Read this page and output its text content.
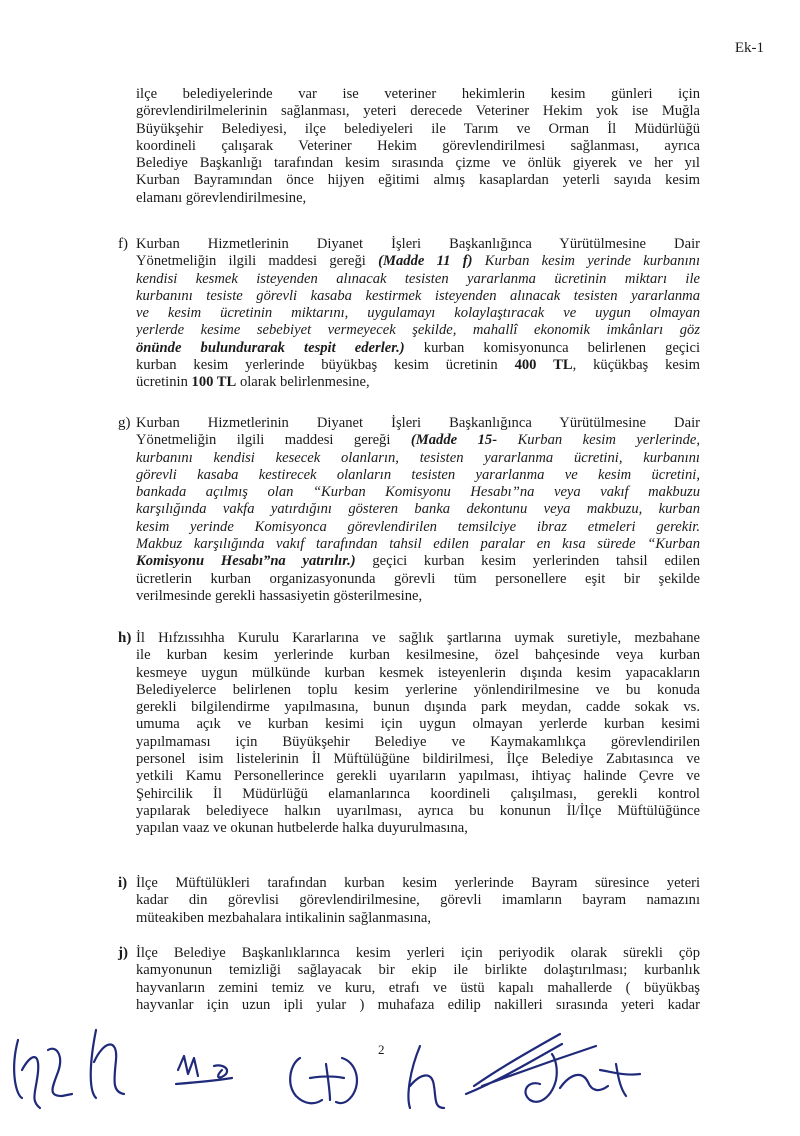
Ek-1
ilçe belediyelerinde var ise veteriner hekimlerin kesim günleri için
görevlendirilmelerinin sağlanması, yeteri derecede Veteriner Hekim yok ise Muğla
Büyükşehir Belediyesi, ilçe belediyeleri ile Tarım ve Orman İl Müdürlüğü
koordineli çalışarak Veteriner Hekim görevlendirilmesi sağlanması, ayrıca
Belediye Başkanlığı tarafından kesim sırasında çizme ve önlük giyerek ve her yıl
Kurban Bayramından önce hijyen eğitimi almış kasaplardan yeterli sayıda kesim
elamanı görevlendirilmesine,
f) Kurban Hizmetlerinin Diyanet İşleri Başkanlığınca Yürütülmesine Dair
Yönetmeliğin ilgili maddesi gereği (Madde 11 f) Kurban kesim yerinde kurbanını
kendisi kesmek isteyenden alınacak tesisten yararlanma ücretinin miktarı ile
kurbanını tesiste görevli kasaba kestirmek isteyenden alınacak tesisten yararlanma
ve kesim ücretinin miktarını, uygulamayı kolaylaştıracak ve uygun olmayan
yerlerde kesime sebebiyet vermeyecek şekilde, mahallî ekonomik imkânları göz
önünde bulundurarak tespit ederler.) kurban komisyonunca belirlenen geçici
kurban kesim yerlerinde büyükbaş kesim ücretinin 400 TL, küçükbaş kesim
ücretinin 100 TL olarak belirlenmesine,
g) Kurban Hizmetlerinin Diyanet İşleri Başkanlığınca Yürütülmesine Dair
Yönetmeliğin ilgili maddesi gereği (Madde 15- Kurban kesim yerlerinde,
kurbanını kendisi kesecek olanların, tesisten yararlanma ücretini, kurbanını
görevli kasaba kestirecek olanların tesisten yararlanma ve kesim ücretini,
bankada açılmış olan “Kurban Komisyonu Hesabı”na veya vakıf makbuzu
karşılığında vakfa yatırdığını gösteren banka dekontunu veya makbuzu, kurban
kesim yerinde Komisyonca görevlendirilen temsilciye ibraz etmeleri gerekir.
Makbuz karşılığında vakıf tarafından tahsil edilen paralar en kısa sürede “Kurban
Komisyonu Hesabı”na yatırılır.) geçici kurban kesim yerlerinden tahsil edilen
ücretlerin kurban organizasyonunda görevli tüm personellere eşit bir şekilde
verilmesinde gerekli hassasiyetin gösterilmesine,
h) İl Hıfzıssıhha Kurulu Kararlarına ve sağlık şartlarına uymak suretiyle, mezbahane
ile kurban kesim yerlerinde kurban kesilmesine, özel bahçesinde veya kurban
kesmeye uygun mülkünde kurban kesmek isteyenlerin dışında kesim yapacakların
Belediyelerce belirlenen toplu kesim yerlerine yönlendirilmesine ve bu konuda
gerekli bilgilendirme yapılmasına, bunun dışında park meydan, cadde sokak vs.
umuma açık ve kurban kesimi için uygun olmayan yerlerde kurban kesimi
yapılmaması için Büyükşehir Belediye ve Kaymakamlıkça görevlendirilen
personel isim listelerinin İl Müftülüğüne bildirilmesi, İlçe Belediye Zabıtasınca ve
yetkili Kamu Personellerince gerekli uyarıların yapılması, ihtiyaç halinde Çevre ve
Şehircilik İl Müdürlüğü elamanlarınca koordineli çalışılması, gerekli kontrol
yapılarak belediyece halkın uyarılması, ayrıca bu konunun İl/İlçe Müftülüğünce
yapılan vaaz ve okunan hutbelerde halka duyurulmasına,
i) İlçe Müftülükleri tarafından kurban kesim yerlerinde Bayram süresince yeteri
kadar din görevlisi görevlendirilmesine, görevli imamların bayram namazını
müteakiben mezbahalara intikalinin sağlanmasına,
j) İlçe Belediye Başkanlıklarınca kesim yerleri için periyodik olarak sürekli çöp
kamyonunun temizliği sağlayacak bir ekip ile birlikte dolaştırılması; kurbanlık
hayvanların zemini temiz ve kuru, etrafı ve üstü kapalı mahallerde ( büyükbaş
hayvanlar için uzun ipli yular ) muhafaza edilip nakilleri sırasında yeteri kadar
2
